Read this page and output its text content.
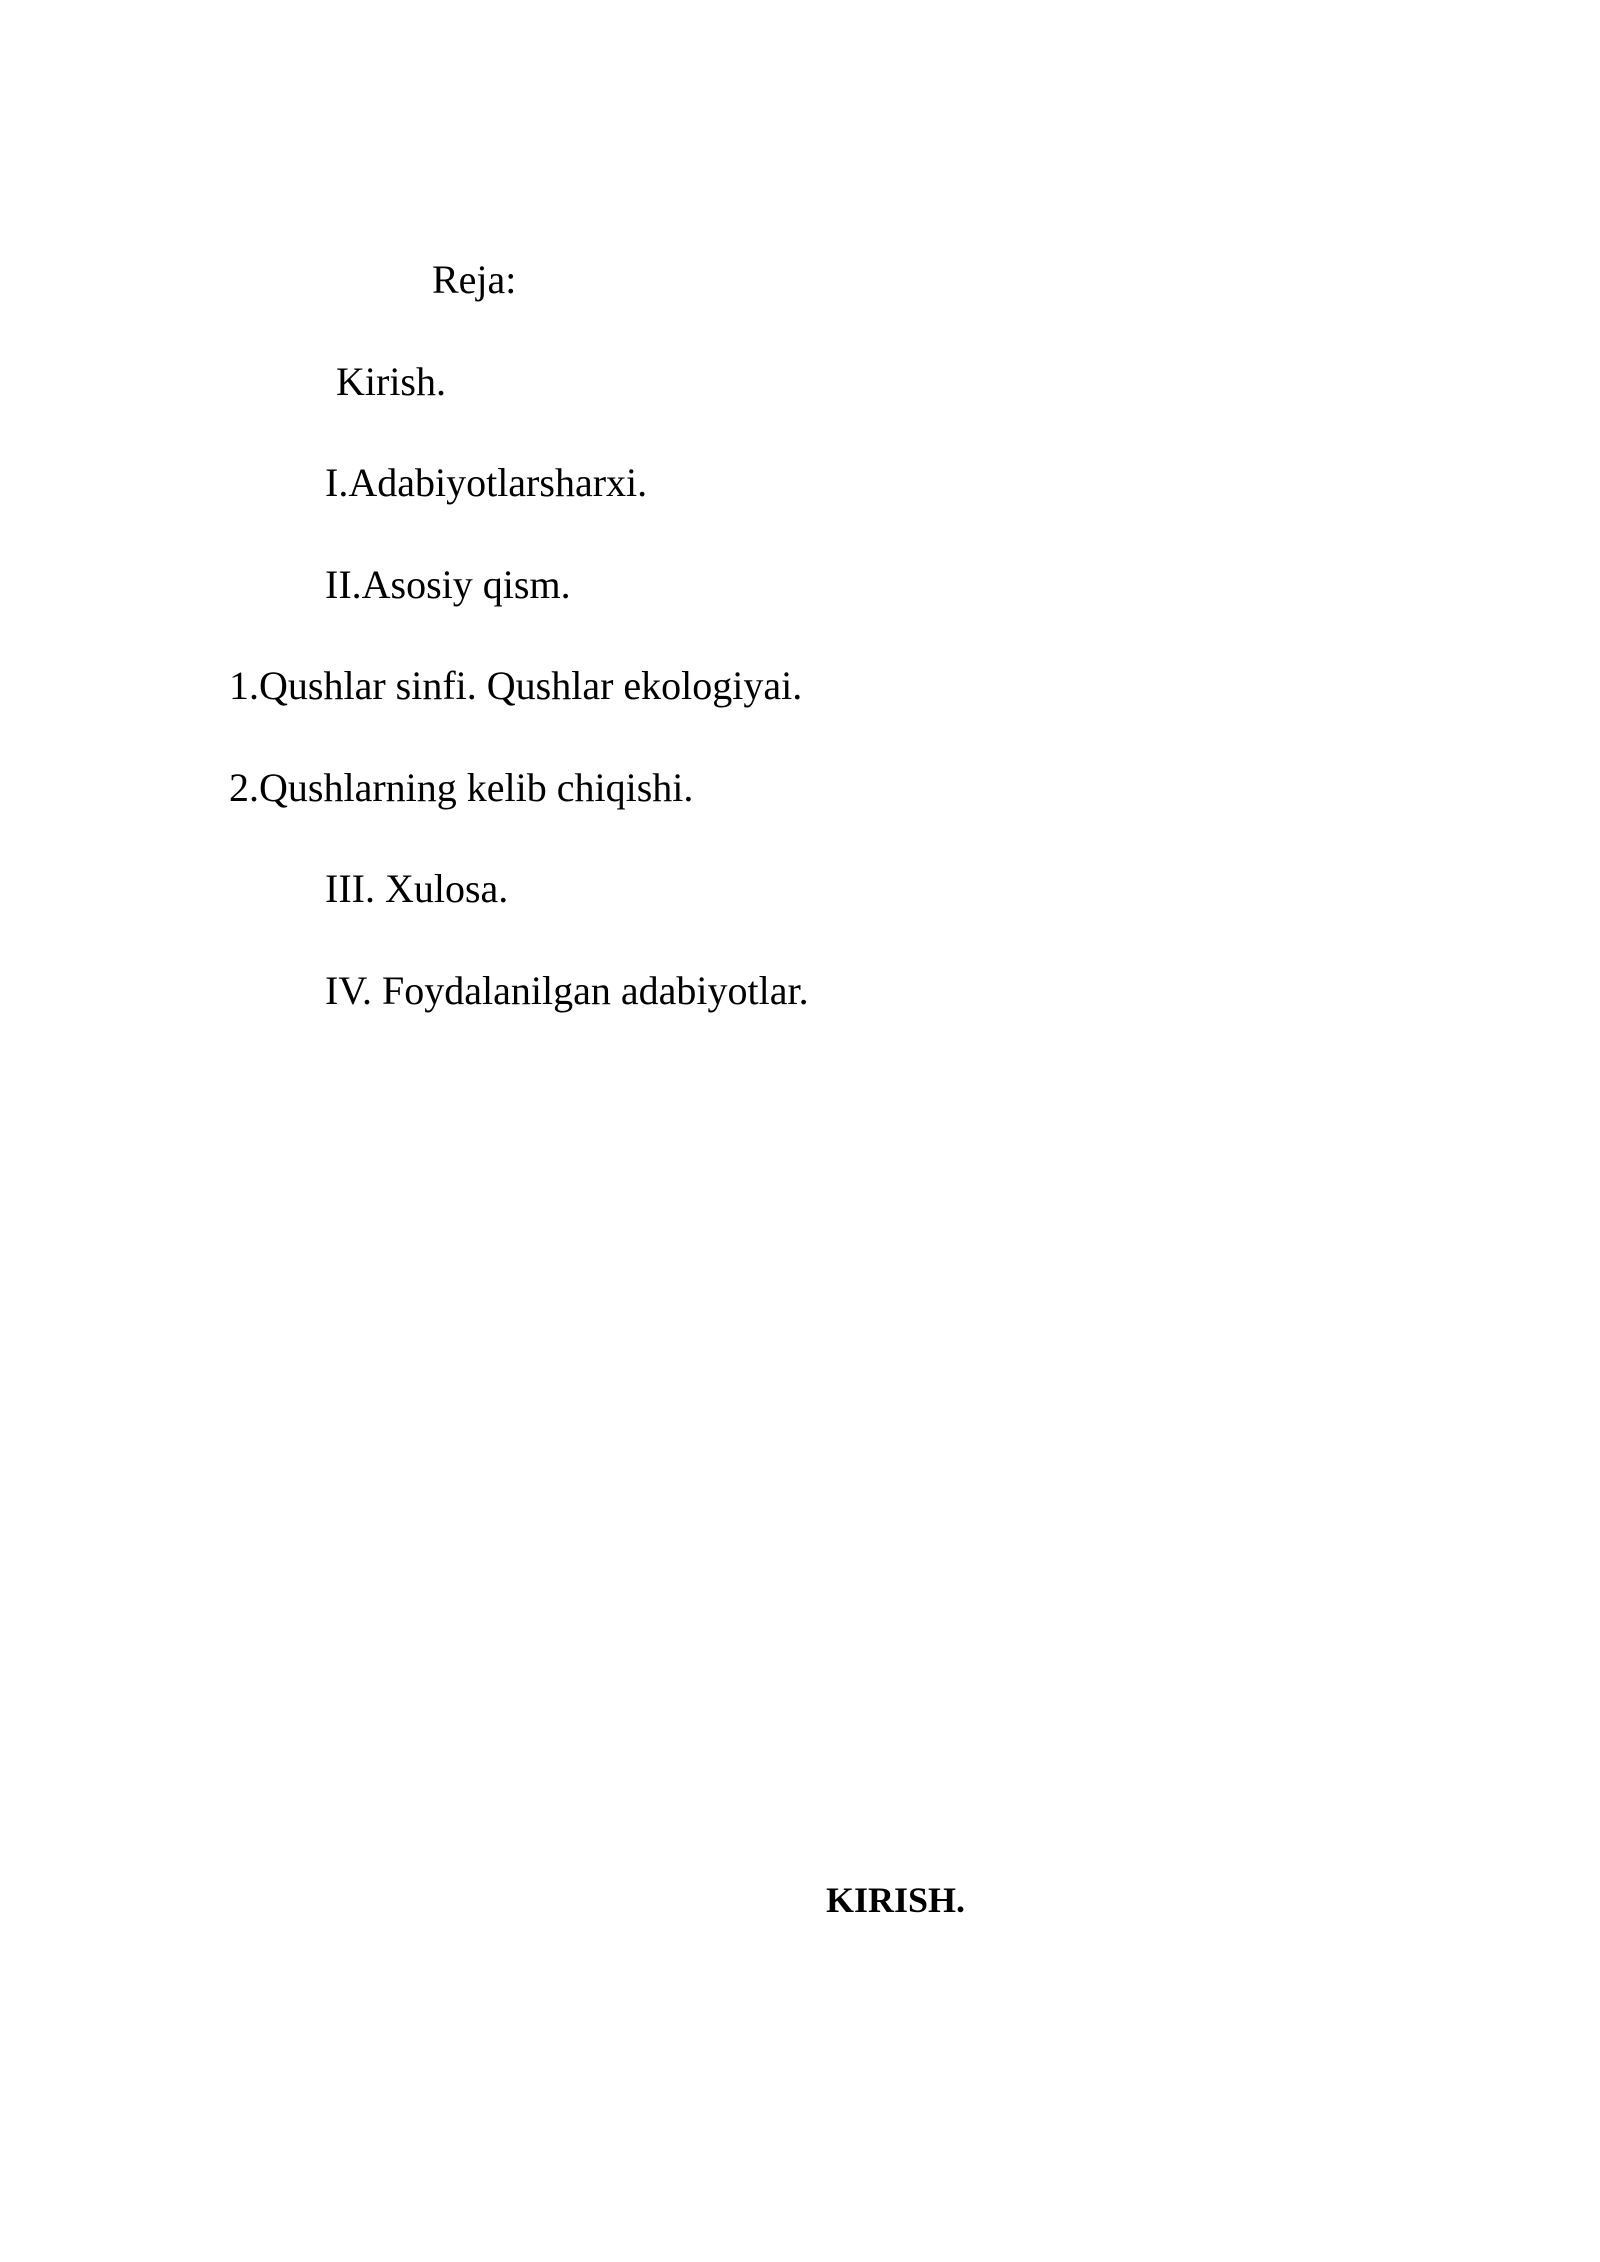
Reja:
Kirish.
I.Adabiyotlarsharxi.
II.Asosiy qism.
1.Qushlar sinfi. Qushlar ekologiyai.
2.Qushlarning kelib chiqishi.
III. Xulosa.
IV. Foydalanilgan adabiyotlar.
KIRISH.
